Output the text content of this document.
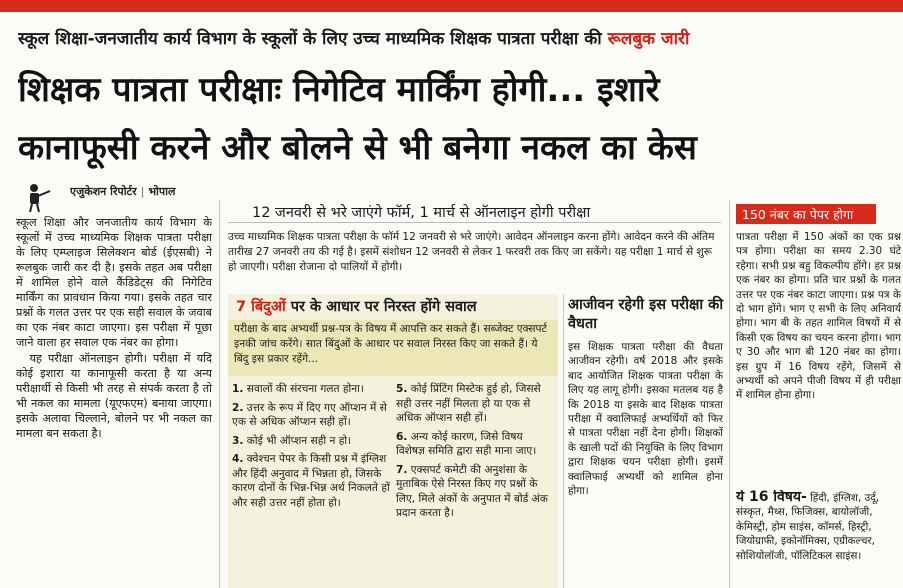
स्कूल शिक्षा-जनजातीय कार्य विभाग के स्कूलों के लिए उच्च माध्यमिक शिक्षक पात्रता परीक्षा की रूलबुक जारी
शिक्षक पात्रता परीक्षाः निगेटिव मार्किंग होगी... इशारे
कानाफूसी करने और बोलने से भी बनेगा नकल का केस
एजुकेशन रिपोर्टर | भोपाल

स्कूल शिक्षा और जनजातीय कार्य विभाग के स्कूलों में उच्च माध्यमिक शिक्षक पात्रता परीक्षा के लिए एम्प्लाइज सिलेक्शन बोर्ड (ईएसबी) ने रूलबुक जारी कर दी है। इसके तहत अब परीक्षा में शामिल होने वाले कैंडिडेट्स की निगेटिव मार्किंग का प्रावधान किया गया। इसके तहत चार प्रश्नों के गलत उत्तर पर एक सही सवाल के जवाब का एक नंबर काटा जाएगा। इस परीक्षा में पूछा जाने वाला हर सवाल एक नंबर का होगा।

यह परीक्षा ऑनलाइन होगी। परीक्षा में यदि कोई इशारा या कानाफूसी करता है या अन्य परीक्षार्थी से किसी भी तरह से संपर्क करता है तो भी नकल का मामला (यूएफएम) बनाया जाएगा। इसके अलावा चिल्लाने, बोलने पर भी नकल का मामला बन सकता है।

12 जनवरी से भरे जाएंगे फॉर्म, 1 मार्च से ऑनलाइन होगी परीक्षा
उच्च माध्यमिक शिक्षक पात्रता परीक्षा के फॉर्म 12 जनवरी से भरे जाएंगे। आवेदन ऑनलाइन करना होंगे। आवेदन करने की अंतिम तारीख 27 जनवरी तय की गई है। इसमें संशोधन 12 जनवरी से लेकर 1 फरवरी तक किए जा सकेंगे। यह परीक्षा 1 मार्च से शुरू हो जाएगी। परीक्षा रोजाना दो पालियों में होगी।
7 बिंदुओं पर के आधार पर निरस्त होंगे सवाल
परीक्षा के बाद अभ्यर्थी प्रश्न-पत्र के विषय में आपत्ति कर सकते हैं। सब्जेक्ट एक्सपर्ट इनकी जांच करेंगे। सात बिंदुओं के आधार पर सवाल निरस्त किए जा सकते हैं। ये बिंदु इस प्रकार रहेंगे...
1. सवालों की संरचना गलत होना।
2. उत्तर के रूप में दिए गए ऑप्शन में से एक से अधिक ऑप्शन सही हों।
3. कोई भी ऑप्शन सही न हो।
4. क्वेश्चन पेपर के किसी प्रश्न में इंग्लिश और हिंदी अनुवाद में भिन्नता हो, जिसके कारण दोनों के भिन्न-भिन्न अर्थ निकलते हों और सही उत्तर नहीं होता हो।
5. कोई प्रिंटिंग मिस्टेक हुई हो, जिससे सही उत्तर नहीं मिलता हो या एक से अधिक ऑप्शन सही हों।
6. अन्य कोई कारण, जिसे विषय विशेषज्ञ समिति द्वारा सही माना जाए।
7. एक्सपर्ट कमेटी की अनुशंसा के मुताबिक ऐसे निरस्त किए गए प्रश्नों के लिए, मिले अंकों के अनुपात में बोर्ड अंक प्रदान करता है।
आजीवन रहेगी इस परीक्षा की वैधता
इस शिक्षक पात्रता परीक्षा की वैधता आजीवन रहेगी। वर्ष 2018 और इसके बाद आयोजित शिक्षक पात्रता परीक्षा के लिए यह लागू होगी। इसका मतलब यह है कि 2018 या इसके बाद शिक्षक पात्रता परीक्षा में क्वालिफाई अभ्यर्थियों को फिर से पात्रता परीक्षा नहीं देना होगी। शिक्षकों के खाली पदों की नियुक्ति के लिए विभाग द्वारा शिक्षक चयन परीक्षा होगी। इसमें क्वालिफाई अभ्यर्थी को शामिल होना होगा।
150 नंबर का पेपर होगा
पात्रता परीक्षा में 150 अंकों का एक प्रश्न पत्र होगा। परीक्षा का समय 2.30 घंटे रहेगा। सभी प्रश्न बहु विकल्पीय होंगे। हर प्रश्न एक नंबर का होगा। प्रति चार प्रश्नों के गलत उत्तर पर एक नंबर काटा जाएगा। प्रश्न पत्र के दो भाग होंगे। भाग ए सभी के लिए अनिवार्य होगा। भाग बी के तहत शामिल विषयों में से किसी एक विषय का चयन करना होगा। भाग ए 30 और भाग बी 120 नंबर का होगा। इस ग्रुप में 16 विषय रहेंगे, जिसमें से अभ्यर्थी को अपने पीजी विषय में ही परीक्षा में शामिल होना होगा।
ये 16 विषय- हिंदी, इंग्लिश, उर्दू, संस्कृत, मैथ्स, फिजिक्स, बायोलॉजी, केमिस्ट्री, होम साइंस, कॉमर्स, हिस्ट्री, जियोग्राफी, इकोनॉमिक्स, एग्रीकल्चर, सोशियोलॉजी, पॉलिटिकल साइंस।
